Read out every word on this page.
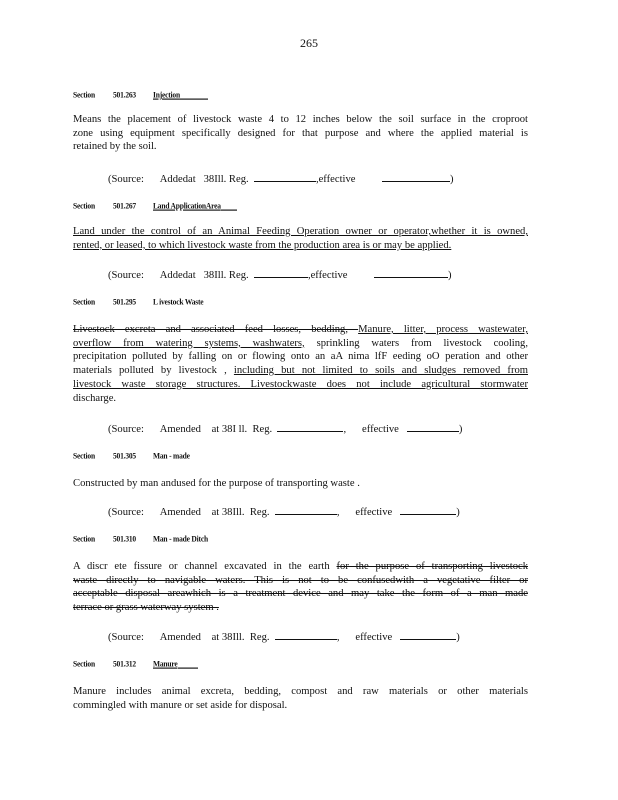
265
Section 501.263 Injection
Means the placement of livestock waste 4 to 12 inches below the soil surface in the croproot
zone using equipment specifically designed for that purpose and where the applied material is
retained by the soil.
(Source: Addedat 38Ill. Reg.	,effective	)
Section 501.267 Land ApplicationArea
Land under the control of an Animal Feeding Operation owner or operator,whether it is owned,
rented, or leased, to which livestock waste from the production area is or may be applied.
(Source: Addedat 38Ill. Reg.	,effective	)
Section 501.295 L ivestock Waste
Livestock excreta and associated feed losses, bedding, Manure, litter, process wastewater,
overflow from watering systems, washwaters, sprinkling waters from livestock cooling,
precipitation polluted by falling on or flowing onto an aA nima lfF eeding oO peration and other
materials polluted by livestock , including but not limited to soils and sludges removed from
livestock waste storage structures. Livestockwaste does not include agricultural stormwater
discharge.
(Source: Amended at 38I ll. Reg.	,      effective	)
Section 501.305 Man - made
Constructed by man andused for the purpose of transporting waste .
(Source: Amended at 38Ill. Reg.	,      effective	)
Section 501.310 Man - made Ditch
A discr ete fissure or channel excavated in the earth for the purpose of transporting livestock
waste directly to navigable waters. This is not to be confusedwith a vegetative filter or
acceptable disposal areawhich is a treatment device and may take the form of a man made
terrace or grass waterway system .
(Source: Amended at 38Ill. Reg.	,      effective	)
Section 501.312 Manure
Manure includes animal excreta, bedding, compost and raw materials or other materials
commingled with manure or set aside for disposal.
